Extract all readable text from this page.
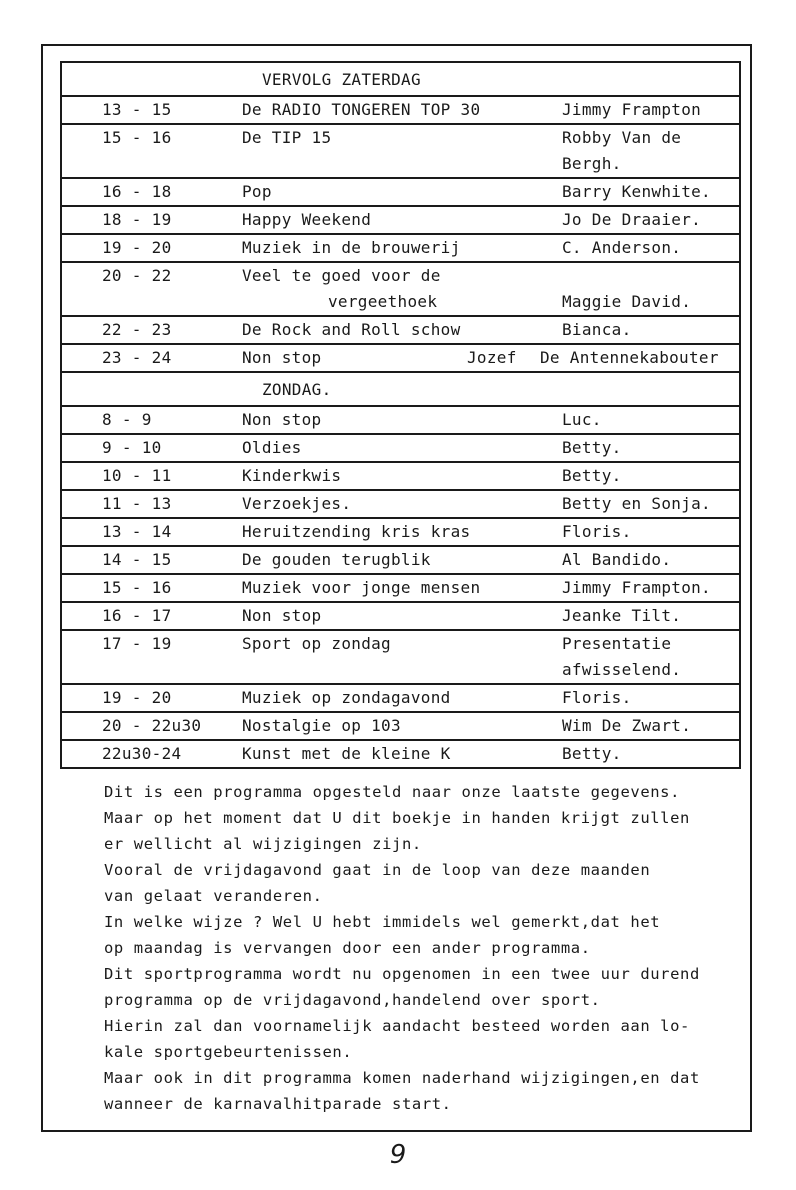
VERVOLG ZATERDAG
13 - 15	De RADIO TONGEREN TOP 30	Jimmy Frampton
15 - 16	De TIP 15	Robby Van de
Bergh.
16 - 18	Pop	Barry Kenwhite.
18 - 19	Happy Weekend	Jo De Draaier.
19 - 20	Muziek in de brouwerij	C. Anderson.
20 - 22	Veel te goed voor de
vergeethoek	Maggie David.
22 - 23	De Rock and Roll schow	Bianca.
23 - 24	Non stop	Jozef De Antennekabouter
ZONDAG.
8 - 9	Non stop	Luc.
9 - 10	Oldies	Betty.
10 - 11	Kinderkwis	Betty.
11 - 13	Verzoekjes.	Betty en Sonja.
13 - 14	Heruitzending kris kras	Floris.
14 - 15	De gouden terugblik	Al Bandido.
15 - 16	Muziek voor jonge mensen	Jimmy Frampton.
16 - 17	Non stop	Jeanke Tilt.
17 - 19	Sport op zondag	Presentatie
afwisselend.
19 - 20	Muziek op zondagavond	Floris.
20 - 22u30	Nostalgie op 103	Wim De Zwart.
22u30-24	Kunst met de kleine K	Betty.
Dit is een programma opgesteld naar onze laatste gegevens.
Maar op het moment dat U dit boekje in handen krijgt zullen
er wellicht al wijzigingen zijn.
Vooral de vrijdagavond gaat in de loop van deze maanden
van gelaat veranderen.
In welke wijze ? Wel U hebt immidels wel gemerkt,dat het
op maandag is vervangen door een ander programma.
Dit sportprogramma wordt nu opgenomen in een twee uur durend
programma op de vrijdagavond,handelend over sport.
Hierin zal dan voornamelijk aandacht besteed worden aan lo-
kale sportgebeurtenissen.
Maar ook in dit programma komen naderhand wijzigingen,en dat
wanneer de karnavalhitparade start.
9
